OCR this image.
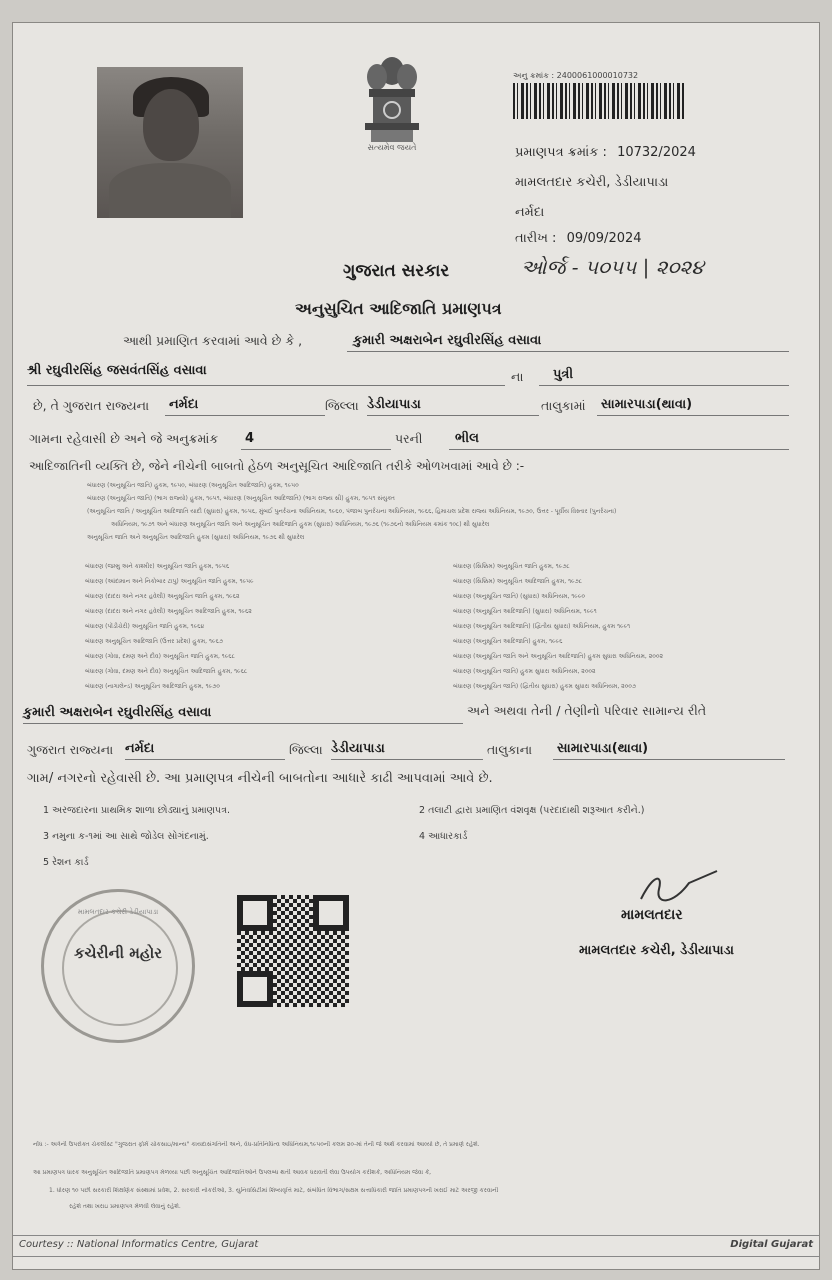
સત્યમેવ જયતે
અનુ ક્રમાંક : 2400061000010732
પ્રમાણપત્ર ક્રમાંક : 10732/2024
મામલતદાર કચેરી, ડેડીયાપાડા
નર્મદા
તારીખ : 09/09/2024
ગુજરાત સરકાર	ઓર્જ - ૫૦૫૫ | ૨૦૨૪
અનુસુચિત આદિજાતિ પ્રમાણપત્ર
આથી પ્રમાણિત કરવામાં આવે છે કે ,	કુમારી અક્ષરાબેન રઘુવીરસિંહ વસાવા
શ્રી રઘુવીરસિંહ જસવંતસિંહ વસાવા	ના	પુત્રી
છે, તે ગુજરાત રાજ્યના	નર્મદા	જિલ્લા ડેડીયાપાડા	તાલુકામાં	સામારપાડા(થાવા)
ગામના રહેવાસી છે અને જે અનુક્રમાંક	4	પરની	ભીલ
આદિજાતિની વ્યક્તિ છે, જેને નીચેની બાબતો હેઠળ અનુસૂચિત આદિજાતિ તરીકે ઓળખવામાં આવે છે :-
બંધારણ (અનુસૂચિત જાતિ) હુકમ, ૧૯૫૦, બંધારણ (અનુસૂચિત આદિજાતિ) હુકમ, ૧૯૫૦
બંધારણ (અનુસૂચિત જાતિ) (ભાગ રાજ્યો) હુકમ, ૧૯૫૧, બંધારણ (અનુસૂચિત આદિજાતિ) (ભાગ રાજ્ય સી) હુકમ, ૧૯૫૧ સંયુક્ત
(અનુસૂચિત જાતિ / અનુસૂચિત આદિજાતિ યાદી (સુધારા) હુકમ, ૧૯૫૬, મુંબઈ પુનર્રચના અધિનિયમ, ૧૯૬૦, પંજાબ પુનર્રચના અધિનિયમ, ૧૯૬૬, હિમાચલ પ્રદેશ રાજ્ય અધિનિયમ, ૧૯૭૦, ઉત્તર - પૂર્વીય વિસ્તાર (પુનર્રચના)
અધિનિયમ, ૧૯૭૧ અને બંધારણ અનુસૂચિત જાતિ અને અનુસૂચિત આદિજાતિ હુકમ (સુધારા) અધિનિયમ, ૧૯૭૬ (૧૯૭૬નો અધિનિયમ ક્રમાંક ૧૦૮) થી સુધારેલ
અનુસૂચિત જાતિ અને અનુસૂચિત આદિજાતિ હુકમ (સુધારા) અધિનિયમ, ૧૯૭૬ થી સુધારેલ
બંધારણ (જમ્મુ અને કાશ્મીર) અનુસૂચિત જાતિ હુકમ, ૧૯૫૬
બંધારણ (આંદામાન અને નિકોબાર ટાપુ) અનુસૂચિત જાતિ હુકમ, ૧૯૫૯
બંધારણ (દાદરા અને નગર હવેલી) અનુસૂચિત જાતિ હુકમ, ૧૯૬૨
બંધારણ (દાદરા અને નગર હવેલી) અનુસૂચિત આદિજાતિ હુકમ, ૧૯૬૨
બંધારણ (પોંડીચેરી) અનુસૂચિત જાતિ હુકમ, ૧૯૬૪
બંધારણ અનુસૂચિત આદિજાતિ (ઉત્તર પ્રદેશ) હુકમ, ૧૯૬૭
બંધારણ (ગોવા, દમણ અને દીવ) અનુસૂચિત જાતિ હુકમ, ૧૯૬૮
બંધારણ (ગોવા, દમણ અને દીવ) અનુસૂચિત આદિજાતિ હુકમ, ૧૯૬૮
બંધારણ (નાગાલેન્ડ) અનુસૂચિત આદિજાતિ હુકમ, ૧૯૭૦
બંધારણ (સિક્કિમ) અનુસૂચિત જાતિ હુકમ, ૧૯૭૮
બંધારણ (સિક્કિમ) અનુસૂચિત આદિજાતિ હુકમ, ૧૯૭૮
બંધારણ (અનુસૂચિત જાતિ) (સુધારા) અધિનિયમ, ૧૯૯૦
બંધારણ (અનુસૂચિત આદિજાતિ) (સુધારા) અધિનિયમ, ૧૯૯૧
બંધારણ (અનુસૂચિત આદિજાતિ) (દ્વિતીય સુધારા) અધિનિયમ, હુકમ ૧૯૯૧
બંધારણ (અનુસૂચિત આદિજાતિ) હુકમ, ૧૯૯૬
બંધારણ (અનુસૂચિત જાતિ અને અનુસૂચિત આદિજાતિ) હુકમ સુધારા અધિનિયમ, ૨૦૦૨
બંધારણ (અનુસૂચિત જાતિ) હુકમ સુધારા અધિનિયમ, ૨૦૦૨
બંધારણ (અનુસૂચિત જાતિ) (દ્વિતીય સુધારા) હુકમ સુધારા અધિનિયમ, ૨૦૦૭
કુમારી અક્ષરાબેન રઘુવીરસિંહ વસાવા	અને અથવા તેની / તેણીનો પરિવાર સામાન્ય રીતે
ગુજરાત રાજ્યના નર્મદા	જિલ્લા ડેડીયાપાડા	તાલુકાના	સામારપાડા(થાવા)
ગામ/ નગરનો રહેવાસી છે. આ પ્રમાણપત્ર નીચેની બાબતોના આધારે કાઢી આપવામાં આવે છે.
1 અરજદારના પ્રાથમિક શાળા છોડ્યાનું પ્રમાણપત્ર.	2 તલાટી દ્વારા પ્રમાણિત વંશવૃક્ષ (પરદાદાથી શરૂઆત કરીને.)
3 નમુના ક-૧માં આ સાથે જોડેલ સોગંદનામું.	4 આધારકાર્ડ
5 રેશન કાર્ડ
કચેરીની મહોર
મામલતદાર કચેરી ડેડીયાપાડા	મામલતદાર
મામલતદાર કચેરી, ડેડીયાપાડા
નોંધ :- અત્રેની ઉપરોક્ત ચેકલીસ્ટ "ગુજરાત ફોર્મ ચોકસાઇ/માન્ય" કાયદાસંગતિની અને, વૈધ-પ્રતિનિધિત્વ અધિનિયમ,૧૯૫૦ની કલમ ૨૦-માં તેની જે અર્થ કરવામાં આવ્યો છે, તે પ્રમાણે રહેશે.
આ પ્રમાણપત્ર ધારક અનુસૂચિત આદિજાતિ પ્રમાણપત્ર મેળવ્યા પછી અનુસૂચિત આદિજાતિઓને ઉપલબ્ધ થતી આવક ધરાવતી લેવા ઉપયોગ કરીશકે, અધિનિયમ જેવા કે,
1. ધોરણ ૧૦ પછી સરકારી શિક્ષણિક સંસ્થામાં પ્રવેશ, 2. સરકારી નોકરીઓ, 3. યુનિવર્સિટીમાં શિષ્યવૃત્તિ માટે, સંબંધિત વિભાગ/સક્ષમ સત્તાધિકારી જાતિ પ્રમાણપત્રની ખરાઈ માટે અરજી કરવાની
રહેશે તથા ખરાઇ પ્રમાણપત્ર મેળવી લેવાનું રહેશે.
Courtesy :: National Informatics Centre, Gujarat	Digital Gujarat
